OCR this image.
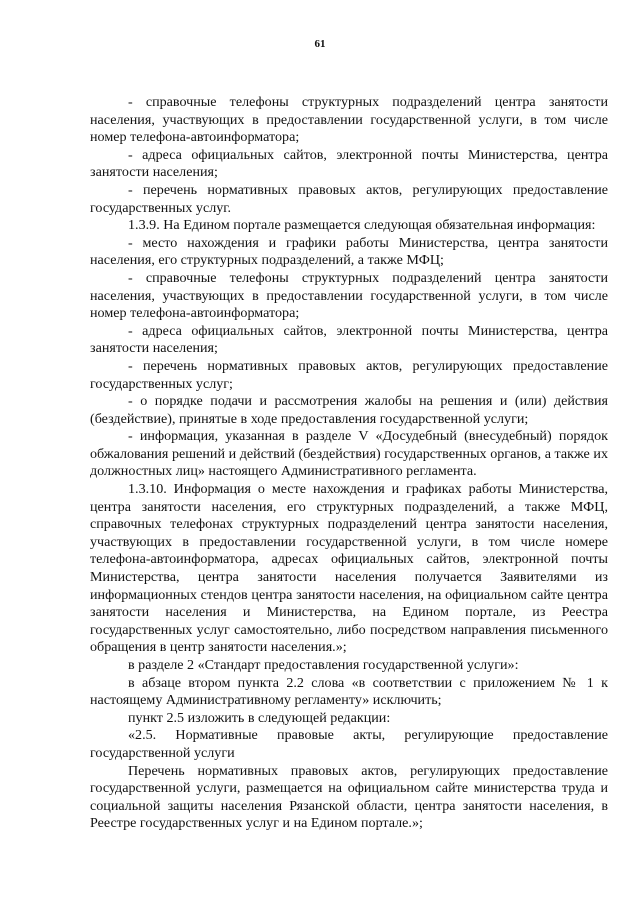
61

- справочные телефоны структурных подразделений центра занятости населения, участвующих в предоставлении государственной услуги, в том числе номер телефона-автоинформатора;

- адреса официальных сайтов, электронной почты Министерства, центра занятости населения;

- перечень нормативных правовых актов, регулирующих предоставление государственных услуг.

1.3.9. На Едином портале размещается следующая обязательная информация:

- место нахождения и графики работы Министерства, центра занятости населения, его структурных подразделений, а также МФЦ;

- справочные телефоны структурных подразделений центра занятости населения, участвующих в предоставлении государственной услуги, в том числе номер телефона-автоинформатора;

- адреса официальных сайтов, электронной почты Министерства, центра занятости населения;

- перечень нормативных правовых актов, регулирующих предоставление государственных услуг;

- о порядке подачи и рассмотрения жалобы на решения и (или) действия (бездействие), принятые в ходе предоставления государственной услуги;

- информация, указанная в разделе V «Досудебный (внесудебный) порядок обжалования решений и действий (бездействия) государственных органов, а также их должностных лиц» настоящего Административного регламента.

1.3.10. Информация о месте нахождения и графиках работы Министерства, центра занятости населения, его структурных подразделений, а также МФЦ, справочных телефонах структурных подразделений центра занятости населения, участвующих в предоставлении государственной услуги, в том числе номере телефона-автоинформатора, адресах официальных сайтов, электронной почты Министерства, центра занятости населения получается Заявителями из информационных стендов центра занятости населения, на официальном сайте центра занятости населения и Министерства, на Едином портале, из Реестра государственных услуг самостоятельно, либо посредством направления письменного обращения в центр занятости населения.»;

в разделе 2 «Стандарт предоставления государственной услуги»:

в абзаце втором пункта 2.2 слова «в соответствии с приложением № 1 к настоящему Административному регламенту» исключить;

пункт 2.5 изложить в следующей редакции:

«2.5. Нормативные правовые акты, регулирующие предоставление государственной услуги

Перечень нормативных правовых актов, регулирующих предоставление государственной услуги, размещается на официальном сайте министерства труда и социальной защиты населения Рязанской области, центра занятости населения, в Реестре государственных услуг и на Едином портале.»;
